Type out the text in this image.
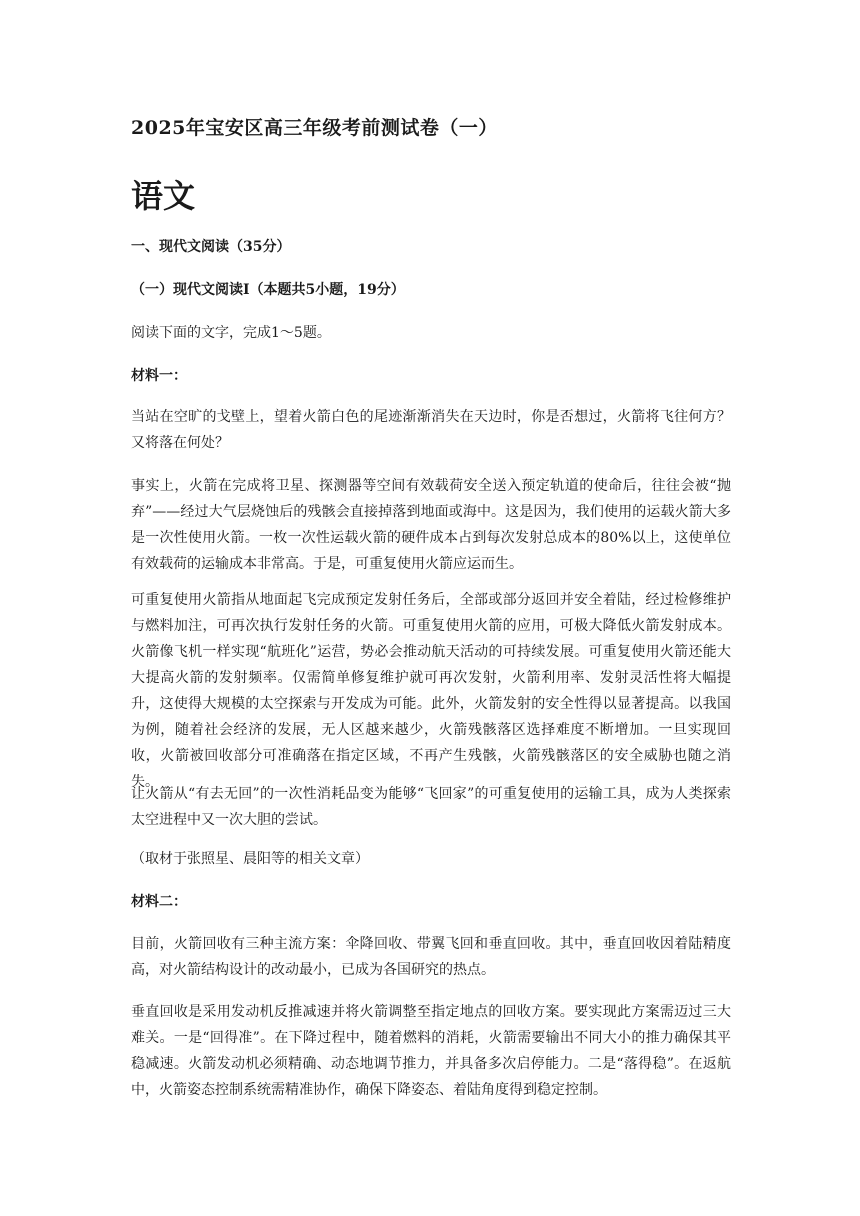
2025年宝安区高三年级考前测试卷（一）
语文
一、现代文阅读（35分）
（一）现代文阅读Ⅰ（本题共5小题，19分）
阅读下面的文字，完成1～5题。
材料一：
当站在空旷的戈壁上，望着火箭白色的尾迹渐渐消失在天边时，你是否想过，火箭将飞往何方？又将落在何处？
事实上，火箭在完成将卫星、探测器等空间有效载荷安全送入预定轨道的使命后，往往会被“抛弃”——经过大气层烧蚀后的残骸会直接掉落到地面或海中。这是因为，我们使用的运载火箭大多是一次性使用火箭。一枚一次性运载火箭的硬件成本占到每次发射总成本的80%以上，这使单位有效载荷的运输成本非常高。于是，可重复使用火箭应运而生。
可重复使用火箭指从地面起飞完成预定发射任务后，全部或部分返回并安全着陆，经过检修维护与燃料加注，可再次执行发射任务的火箭。可重复使用火箭的应用，可极大降低火箭发射成本。火箭像飞机一样实现“航班化”运营，势必会推动航天活动的可持续发展。可重复使用火箭还能大大提高火箭的发射频率。仅需简单修复维护就可再次发射，火箭利用率、发射灵活性将大幅提升，这使得大规模的太空探索与开发成为可能。此外，火箭发射的安全性得以显著提高。以我国为例，随着社会经济的发展，无人区越来越少，火箭残骸落区选择难度不断增加。一旦实现回收，火箭被回收部分可准确落在指定区域，不再产生残骸，火箭残骸落区的安全威胁也随之消失。
让火箭从“有去无回”的一次性消耗品变为能够“飞回家”的可重复使用的运输工具，成为人类探索太空进程中又一次大胆的尝试。
（取材于张照星、晨阳等的相关文章）
材料二：
目前，火箭回收有三种主流方案：伞降回收、带翼飞回和垂直回收。其中，垂直回收因着陆精度高，对火箭结构设计的改动最小，已成为各国研究的热点。
垂直回收是采用发动机反推减速并将火箭调整至指定地点的回收方案。要实现此方案需迈过三大难关。一是“回得准”。在下降过程中，随着燃料的消耗，火箭需要输出不同大小的推力确保其平稳减速。火箭发动机必须精确、动态地调节推力，并具备多次启停能力。二是“落得稳”。在返航中，火箭姿态控制系统需精准协作，确保下降姿态、着陆角度得到稳定控制。
